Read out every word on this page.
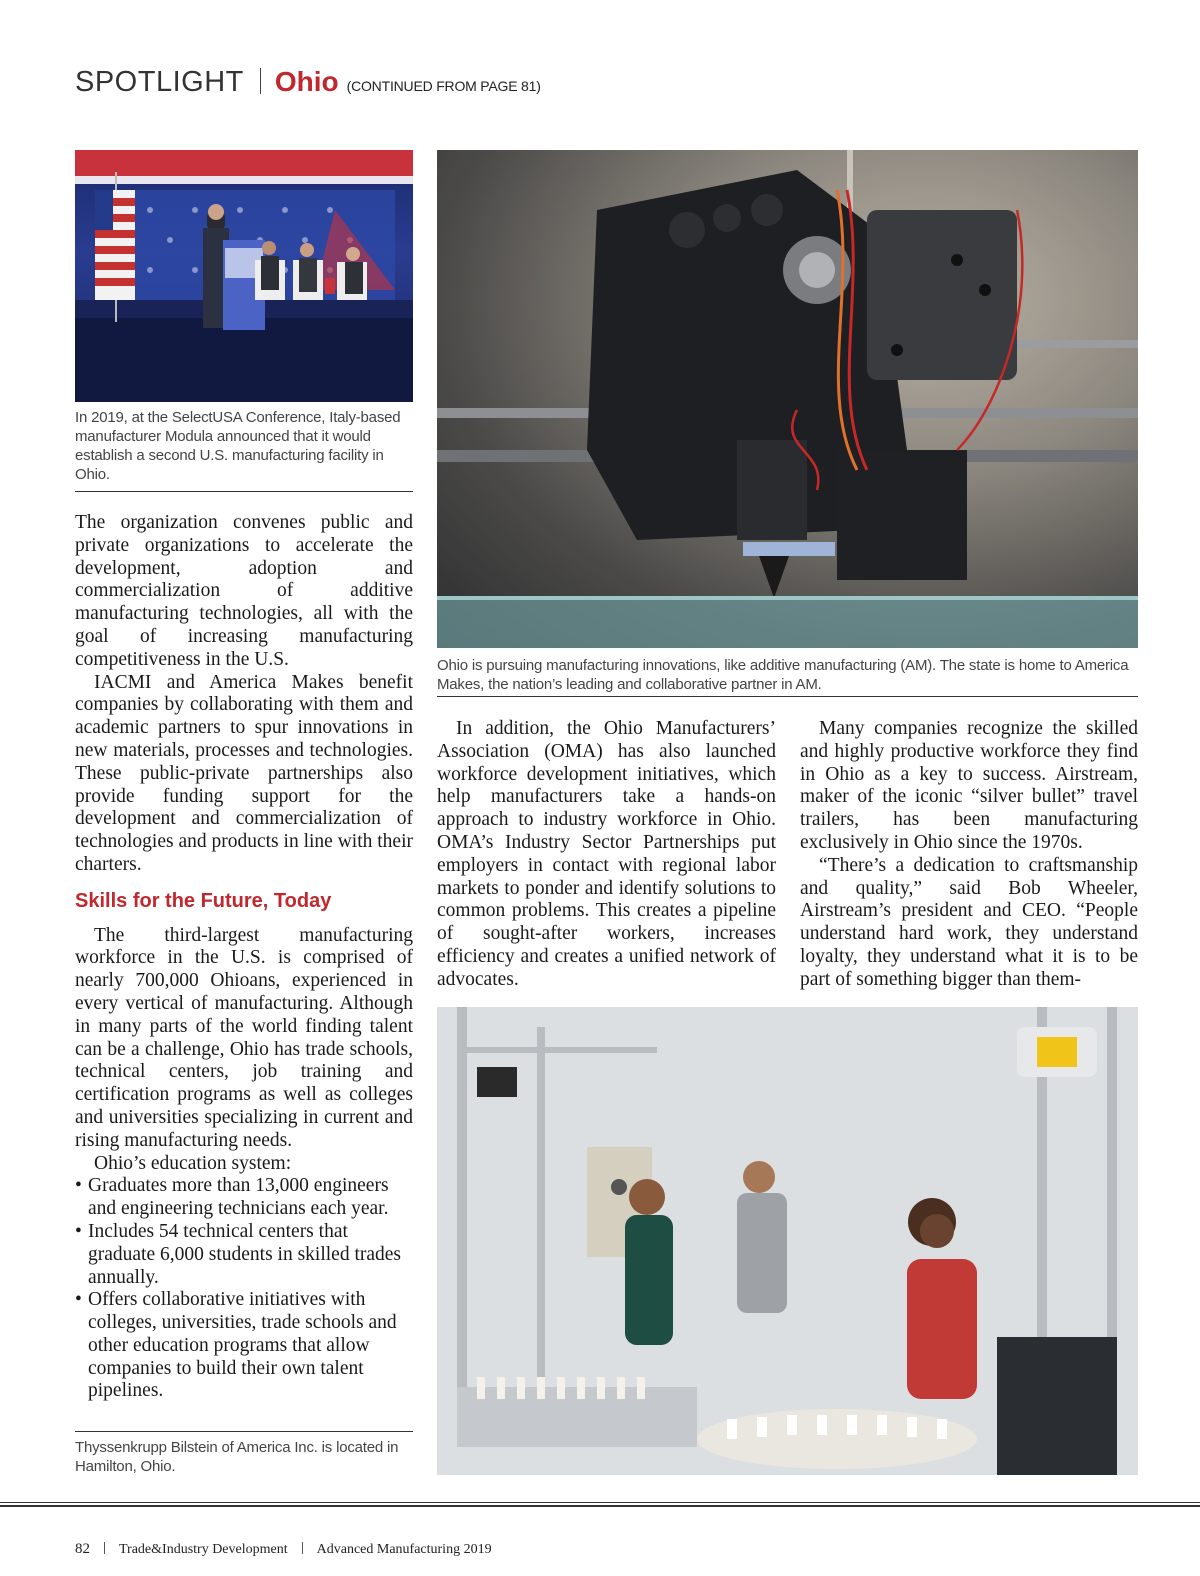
SPOTLIGHT Ohio (CONTINUED FROM PAGE 81)
In 2019, at the SelectUSA Conference, Italy-based manufacturer Modula announced that it would establish a second U.S. manufacturing facility in Ohio.
Ohio is pursuing manufacturing innovations, like additive manufacturing (AM). The state is home to America Makes, the nation’s leading and collaborative partner in AM.

The organization convenes public and private organizations to accelerate the development, adoption and commercialization of additive manufacturing technologies, all with the goal of increasing manufacturing competitiveness in the U.S.

IACMI and America Makes benefit companies by collaborating with them and academic partners to spur innovations in new materials, processes and technologies. These public-private partnerships also provide funding support for the development and commercialization of technologies and products in line with their charters.

Skills for the Future, Today

The third-largest manufacturing workforce in the U.S. is comprised of nearly 700,000 Ohioans, experienced in every vertical of manufacturing. Although in many parts of the world finding talent can be a challenge, Ohio has trade schools, technical centers, job training and certification programs as well as colleges and universities specializing in current and rising manufacturing needs.

Ohio’s education system:

• Graduates more than 13,000 engineers and engineering technicians each year.
• Includes 54 technical centers that graduate 6,000 students in skilled trades annually.
• Offers collaborative initiatives with colleges, universities, trade schools and other education programs that allow companies to build their own talent pipelines.

In addition, the Ohio Manufacturers’ Association (OMA) has also launched workforce development initiatives, which help manufacturers take a hands-on approach to industry workforce in Ohio. OMA’s Industry Sector Partnerships put employers in contact with regional labor markets to ponder and identify solutions to common problems. This creates a pipeline of sought-after workers, increases efficiency and creates a unified network of advocates.

Many companies recognize the skilled and highly productive workforce they find in Ohio as a key to success. Airstream, maker of the iconic “silver bullet” travel trailers, has been manufacturing exclusively in Ohio since the 1970s.

“There’s a dedication to craftsmanship and quality,” said Bob Wheeler, Airstream’s president and CEO. “People understand hard work, they understand loyalty, they understand what it is to be part of something bigger than them-

Thyssenkrupp Bilstein of America Inc. is located in Hamilton, Ohio.
82 Trade&Industry Development Advanced Manufacturing 2019
